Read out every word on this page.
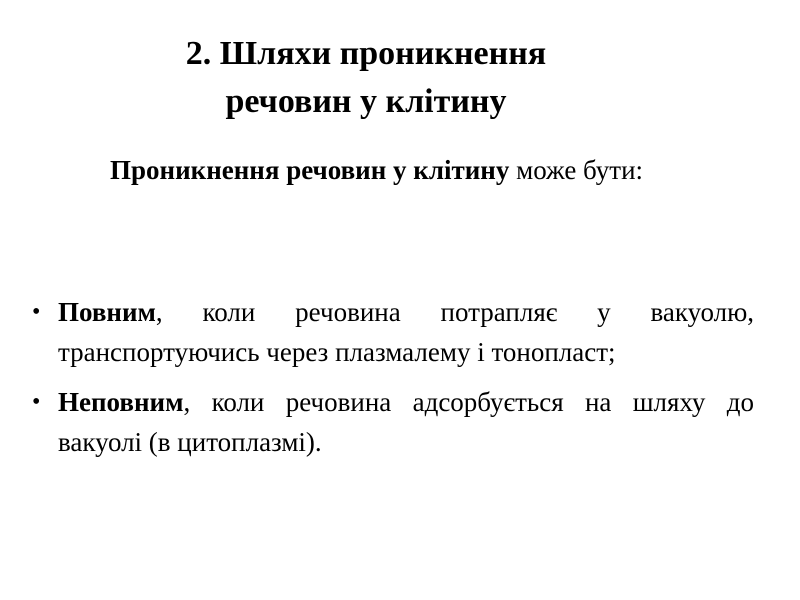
2. Шляхи проникнення
речовин у клітину
Проникнення речовин у клітину може бути:
• Повним, коли речовина потрапляє у вакуолю, транспортуючись через плазмалему і тонопласт;
• Неповним, коли речовина адсорбується на шляху до вакуолі (в цитоплазмі).
